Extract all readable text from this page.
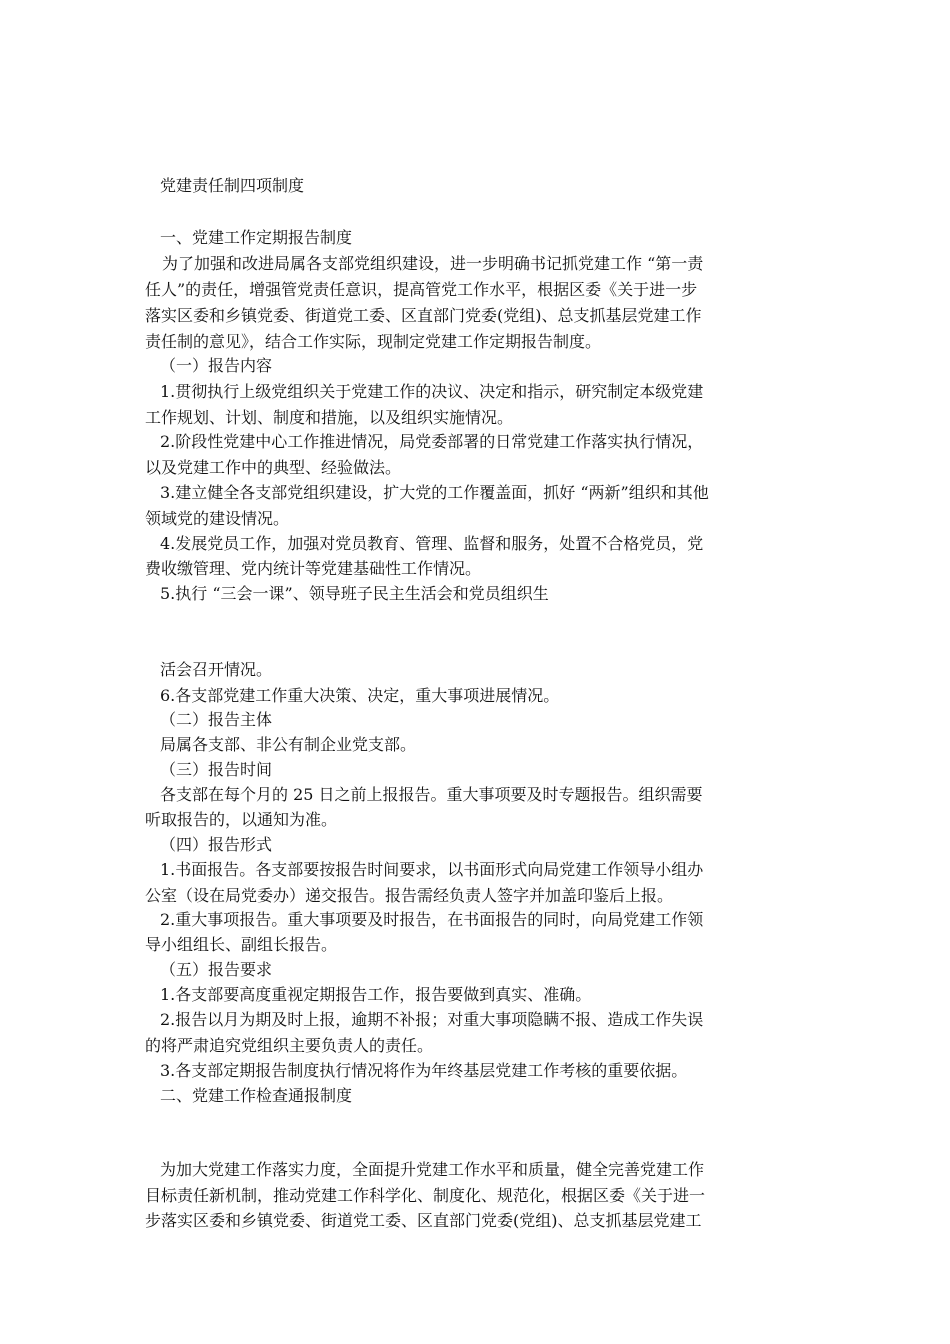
党建责任制四项制度
一、党建工作定期报告制度
为了加强和改进局属各支部党组织建设，进一步明确书记抓党建工作 “第一责
任人”的责任，增强管党责任意识，提高管党工作水平，根据区委《关于进一步
落实区委和乡镇党委、街道党工委、区直部门党委(党组)、总支抓基层党建工作
责任制的意见》，结合工作实际，现制定党建工作定期报告制度。
（一）报告内容
1.贯彻执行上级党组织关于党建工作的决议、决定和指示，研究制定本级党建
工作规划、计划、制度和措施，以及组织实施情况。
2.阶段性党建中心工作推进情况，局党委部署的日常党建工作落实执行情况，
以及党建工作中的典型、经验做法。
3.建立健全各支部党组织建设，扩大党的工作覆盖面，抓好 “两新”组织和其他
领域党的建设情况。
4.发展党员工作，加强对党员教育、管理、监督和服务，处置不合格党员，党
费收缴管理、党内统计等党建基础性工作情况。
5.执行 “三会一课”、领导班子民主生活会和党员组织生
活会召开情况。
6.各支部党建工作重大决策、决定，重大事项进展情况。
（二）报告主体
局属各支部、非公有制企业党支部。
（三）报告时间
各支部在每个月的 25 日之前上报报告。重大事项要及时专题报告。组织需要
听取报告的，以通知为准。
（四）报告形式
1.书面报告。各支部要按报告时间要求，以书面形式向局党建工作领导小组办
公室（设在局党委办）递交报告。报告需经负责人签字并加盖印鉴后上报。
2.重大事项报告。重大事项要及时报告，在书面报告的同时，向局党建工作领
导小组组长、副组长报告。
（五）报告要求
1.各支部要高度重视定期报告工作，报告要做到真实、准确。
2.报告以月为期及时上报，逾期不补报；对重大事项隐瞒不报、造成工作失误
的将严肃追究党组织主要负责人的责任。
3.各支部定期报告制度执行情况将作为年终基层党建工作考核的重要依据。
二、党建工作检查通报制度
为加大党建工作落实力度，全面提升党建工作水平和质量，健全完善党建工作
目标责任新机制，推动党建工作科学化、制度化、规范化，根据区委《关于进一
步落实区委和乡镇党委、街道党工委、区直部门党委(党组)、总支抓基层党建工
